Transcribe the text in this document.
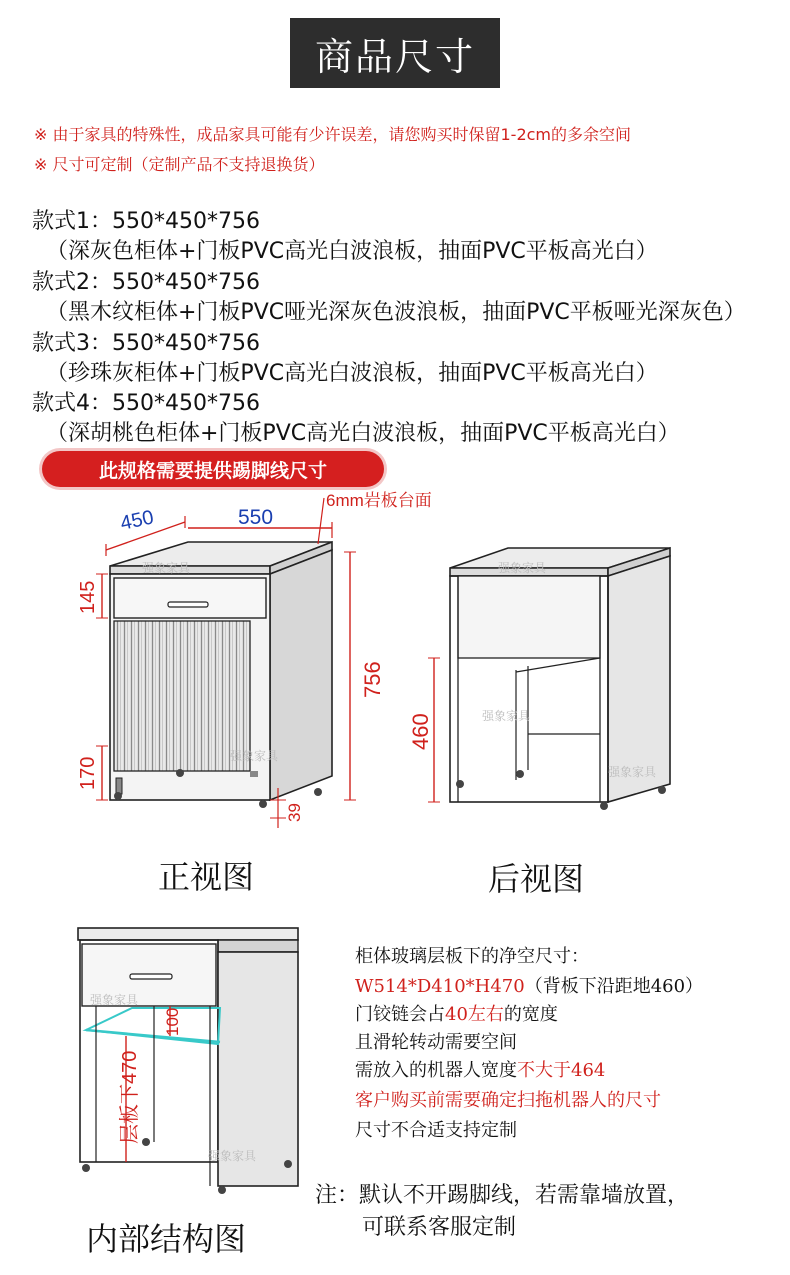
商品尺寸
※ 由于家具的特殊性，成品家具可能有少许误差，请您购买时保留1-2cm的多余空间
※ 尺寸可定制（定制产品不支持退换货）
款式1：550*450*756
（深灰色柜体+门板PVC高光白波浪板，抽面PVC平板高光白）
款式2：550*450*756
（黑木纹柜体+门板PVC哑光深灰色波浪板，抽面PVC平板哑光深灰色）
款式3：550*450*756
（珍珠灰柜体+门板PVC高光白波浪板，抽面PVC平板高光白）
款式4：550*450*756
（深胡桃色柜体+门板PVC高光白波浪板，抽面PVC平板高光白）
此规格需要提供踢脚线尺寸
强象家具
强象家具
450	550
6mm岩板台面
145
170
756
39
强象家具
强象家具
强象家具
460
正视图	后视图
强象家具
强象家具
100
层板下470
内部结构图
柜体玻璃层板下的净空尺寸：
W514*D410*H470（背板下沿距地460）
门铰链会占40左右的宽度
且滑轮转动需要空间
需放入的机器人宽度不大于464
客户购买前需要确定扫拖机器人的尺寸
尺寸不合适支持定制
注：默认不开踢脚线，若需靠墙放置，
可联系客服定制
